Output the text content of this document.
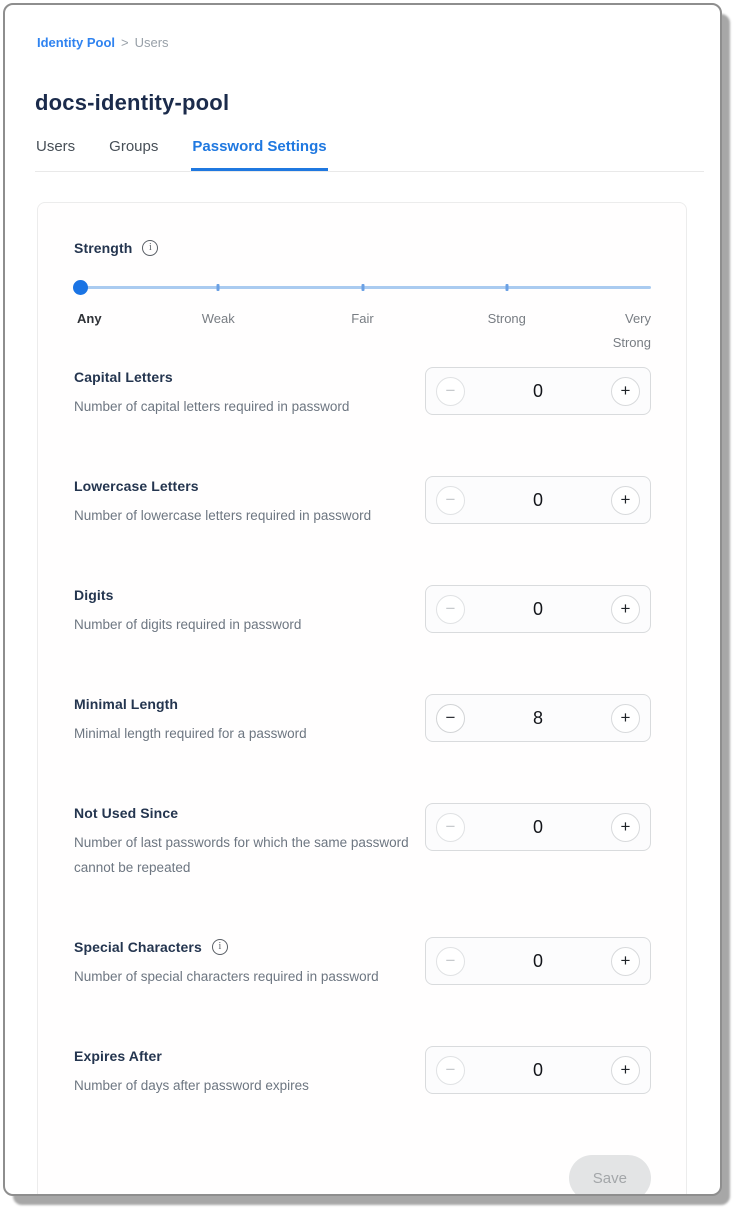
Identity Pool > Users
docs-identity-pool
Users Groups Password Settings
Strength	i
Any	Weak	Fair	Strong	Very Strong
Capital Letters
Number of capital letters required in password
−	0	+
Lowercase Letters
Number of lowercase letters required in password
−	0	+
Digits
Number of digits required in password
−	0	+
Minimal Length
Minimal length required for a password
−	8	+
Not Used Since
Number of last passwords for which the same password cannot be repeated
−	0	+
Special Characters	i
Number of special characters required in password
−	0	+
Expires After
Number of days after password expires
−	0	+
Save
